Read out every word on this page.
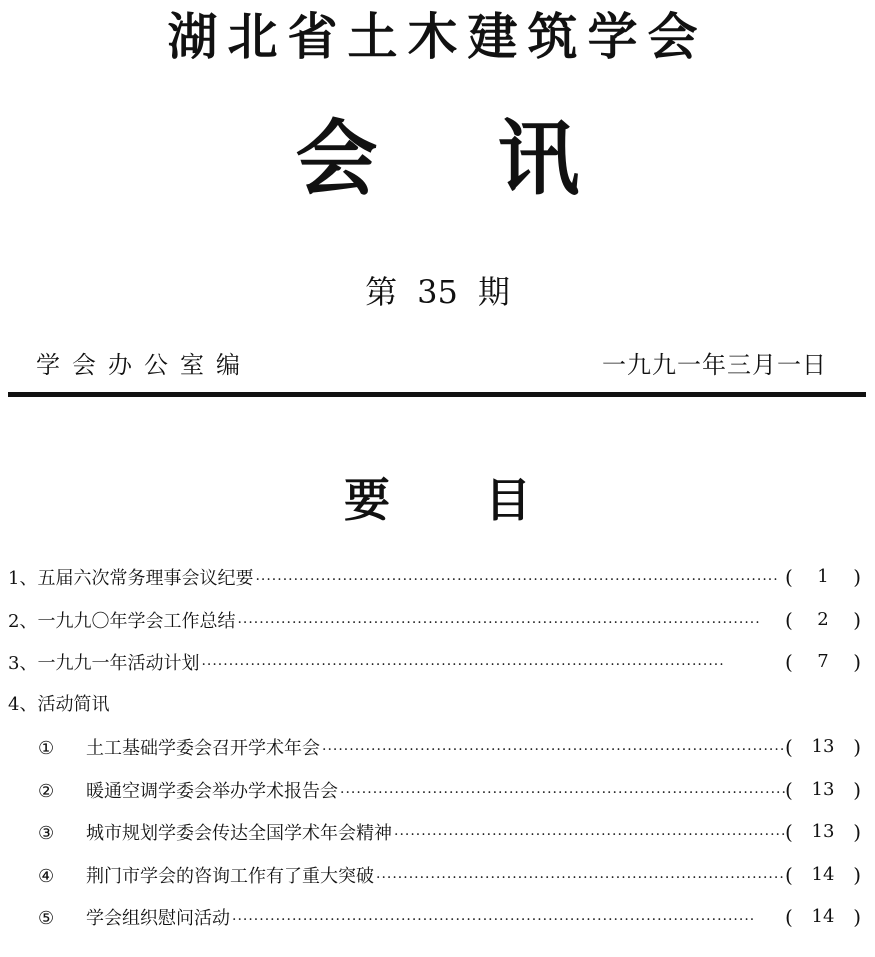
湖北省土木建筑学会
会 讯
第 35 期
学会办公室编	一九九一年三月一日
要 目
1、 五届六次常务理事会议纪要 ·····	(	1	)
2、 一九九〇年学会工作总结 ·····	(	2	)
3、 一九九一年活动计划 ·····	(	7	)
4、 活动简讯
①	土工基础学委会召开学术年会 ·····	(	13 )
②	暖通空调学委会举办学术报告会 ·····	(	13 )
③	城市规划学委会传达全国学术年会精神 ·····	(	13 )
④	荆门市学会的咨询工作有了重大突破 ·····	(	14 )
⑤	学会组织慰问活动 ·····	(	14 )
